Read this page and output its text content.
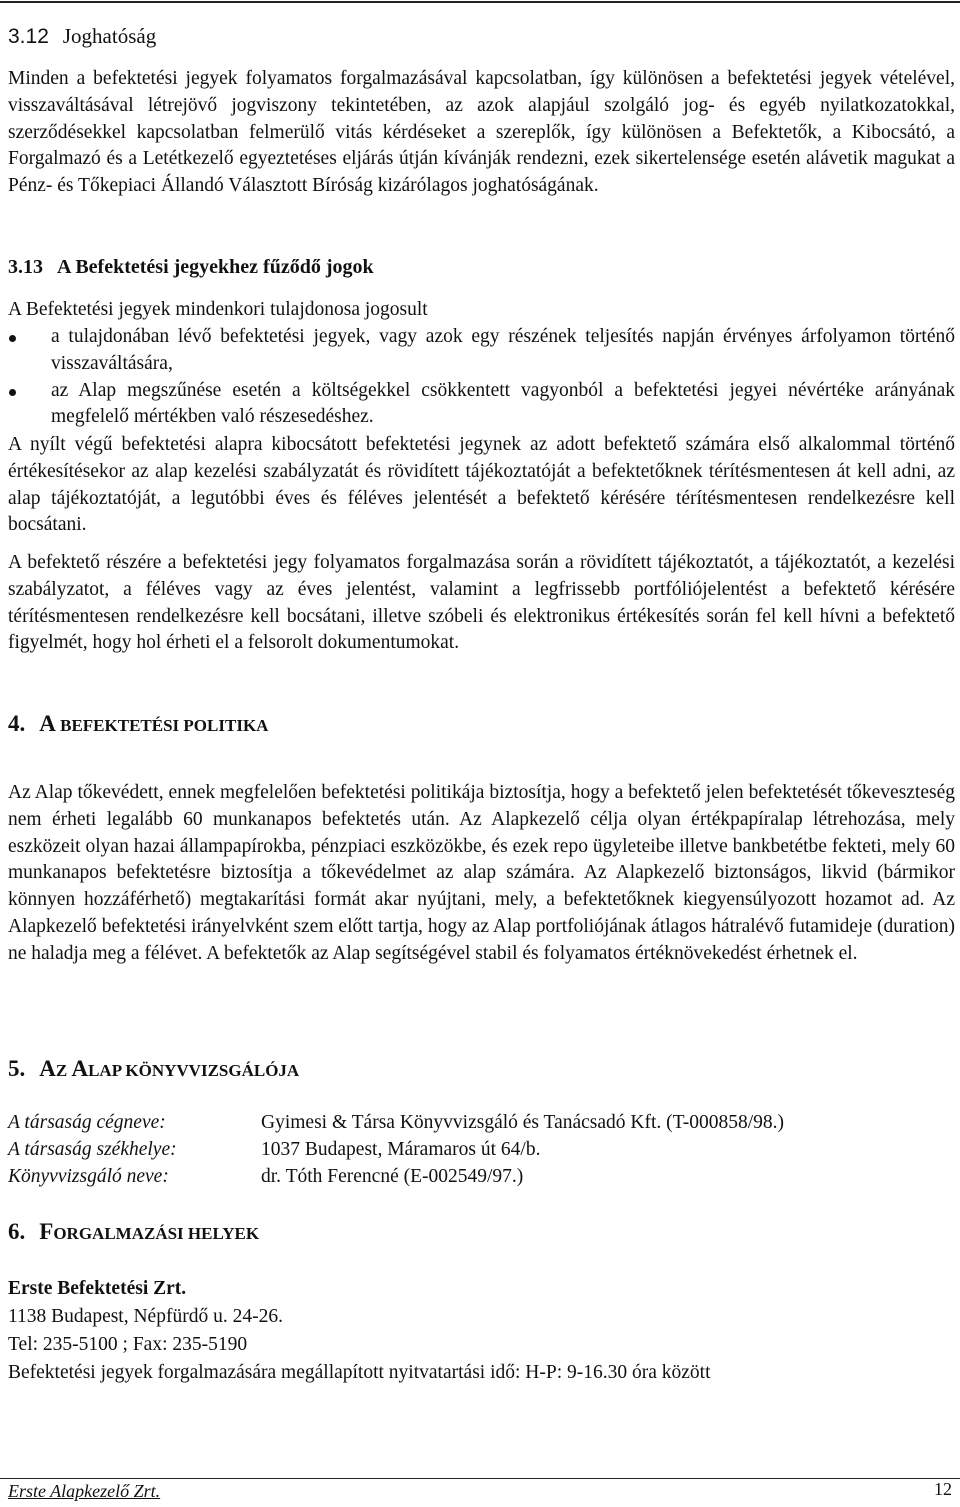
3.12 Joghatóság
Minden a befektetési jegyek folyamatos forgalmazásával kapcsolatban, így különösen a befektetési jegyek vételével, visszaváltásával létrejövő jogviszony tekintetében, az azok alapjául szolgáló jog- és egyéb nyilatkozatokkal, szerződésekkel kapcsolatban felmerülő vitás kérdéseket a szereplők, így különösen a Befektetők, a Kibocsátó, a Forgalmazó és a Letétkezelő egyeztetéses eljárás útján kívánják rendezni, ezek sikertelensége esetén alávetik magukat a Pénz- és Tőkepiaci Állandó Választott Bíróság kizárólagos joghatóságának.
3.13 A Befektetési jegyekhez fűződő jogok
A Befektetési jegyek mindenkori tulajdonosa jogosult
a tulajdonában lévő befektetési jegyek, vagy azok egy részének teljesítés napján érvényes árfolyamon történő visszaváltására,
az Alap megszűnése esetén a költségekkel csökkentett vagyonból a befektetési jegyei névértéke arányának megfelelő mértékben való részesedéshez.
A nyílt végű befektetési alapra kibocsátott befektetési jegynek az adott befektető számára első alkalommal történő értékesítésekor az alap kezelési szabályzatát és rövidített tájékoztatóját a befektetőknek térítésmentesen át kell adni, az alap tájékoztatóját, a legutóbbi éves és féléves jelentését a befektető kérésére térítésmentesen rendelkezésre kell bocsátani.
A befektető részére a befektetési jegy folyamatos forgalmazása során a rövidített tájékoztatót, a tájékoztatót, a kezelési szabályzatot, a féléves vagy az éves jelentést, valamint a legfrissebb portfóliójelentést a befektető kérésére térítésmentesen rendelkezésre kell bocsátani, illetve szóbeli és elektronikus értékesítés során fel kell hívni a befektető figyelmét, hogy hol érheti el a felsorolt dokumentumokat.
4. A BEFEKTETÉSI POLITIKA
Az Alap tőkevédett, ennek megfelelően befektetési politikája biztosítja, hogy a befektető jelen befektetését tőkeveszteség nem érheti legalább 60 munkanapos befektetés után. Az Alapkezelő célja olyan értékpapíralap létrehozása, mely eszközeit olyan hazai állampapírokba, pénzpiaci eszközökbe, és ezek repo ügyleteibe illetve bankbetétbe fekteti, mely 60 munkanapos befektetésre biztosítja a tőkevédelmet az alap számára. Az Alapkezelő biztonságos, likvid (bármikor könnyen hozzáférhető) megtakarítási formát akar nyújtani, mely, a befektetőknek kiegyensúlyozott hozamot ad. Az Alapkezelő befektetési irányelvként szem előtt tartja, hogy az Alap portfoliójának átlagos hátralévő futamideje (duration) ne haladja meg a félévet. A befektetők az Alap segítségével stabil és folyamatos értéknövekedést érhetnek el.
5. AZ ALAP KÖNYVVIZSGÁLÓJA
A társaság cégneve:	Gyimesi & Társa Könyvvizsgáló és Tanácsadó Kft. (T-000858/98.)
A társaság székhelye:	1037 Budapest, Máramaros út 64/b.
Könyvvizsgáló neve:	dr. Tóth Ferencné (E-002549/97.)
6. FORGALMAZÁSI HELYEK
Erste Befektetési Zrt.
1138 Budapest, Népfürdő u. 24-26.
Tel: 235-5100 ; Fax: 235-5190
Befektetési jegyek forgalmazására megállapított nyitvatartási idő: H-P: 9-16.30 óra között
Erste Alapkezelő Zrt.	12
